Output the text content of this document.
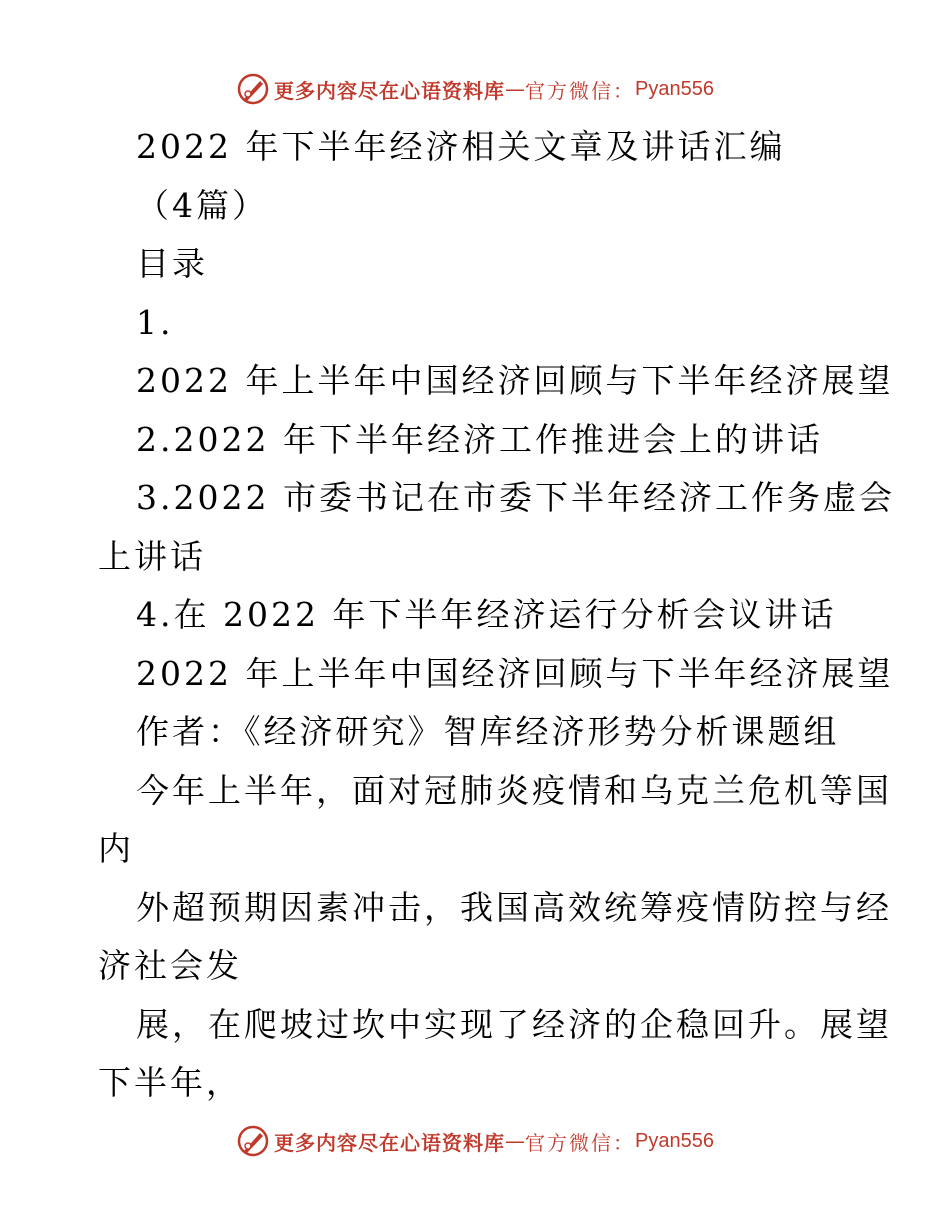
更多内容尽在心语资料库 — 官方微信： Pyan556
2022 年下半年经济相关文章及讲话汇编
（4篇）
目录
1.
2022 年上半年中国经济回顾与下半年经济展望
2.2022 年下半年经济工作推进会上的讲话
3.2022 市委书记在市委下半年经济工作务虚会
上讲话
4.在 2022 年下半年经济运行分析会议讲话
2022 年上半年中国经济回顾与下半年经济展望
作者：《经济研究》智库经济形势分析课题组
今年上半年，面对冠肺炎疫情和乌克兰危机等国
内
外超预期因素冲击，我国高效统筹疫情防控与经
济社会发
展，在爬坡过坎中实现了经济的企稳回升。展望
下半年，
更多内容尽在心语资料库 — 官方微信： Pyan556
